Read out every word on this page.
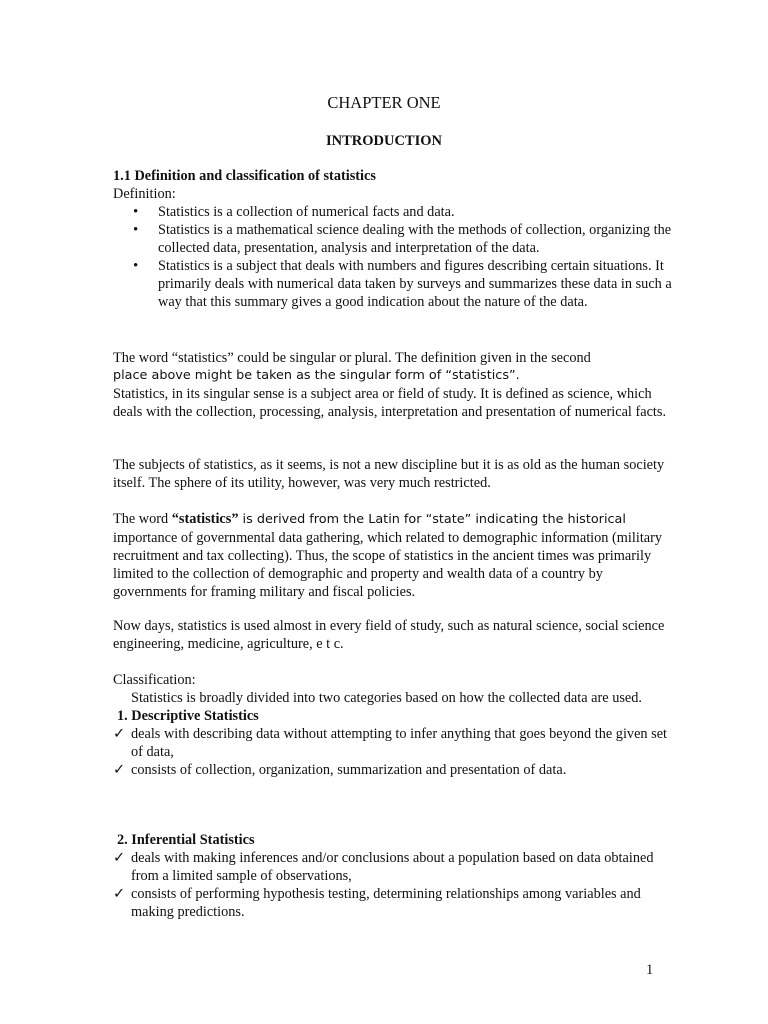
CHAPTER ONE
INTRODUCTION
1.1 Definition and classification of statistics
Definition:
• Statistics is a collection of numerical facts and data.
• Statistics is a mathematical science dealing with the methods of collection, organizing the collected data, presentation, analysis and interpretation of the data.
• Statistics is a subject that deals with numbers and figures describing certain situations. It primarily deals with numerical data taken by surveys and summarizes these data in such a way that this summary gives a good indication about the nature of the data.

The word “statistics” could be singular or plural. The definition given in the second

place above might be taken as the singular form of “statistics”.

Statistics, in its singular sense is a subject area or field of study. It is defined as science, which deals with the collection, processing, analysis, interpretation and presentation of numerical facts.

The subjects of statistics, as it seems, is not a new discipline but it is as old as the human society itself. The sphere of its utility, however, was very much restricted.

The word “statistics” is derived from the Latin for “state” indicating the historical

importance of governmental data gathering, which related to demographic information (military recruitment and tax collecting). Thus, the scope of statistics in the ancient times was primarily limited to the collection of demographic and property and wealth data of a country by governments for framing military and fiscal policies.

Now days, statistics is used almost in every field of study, such as natural science, social science engineering, medicine, agriculture, e t c.

Classification:

Statistics is broadly divided into two categories based on how the collected data are used.

1. Descriptive Statistics
✓ deals with describing data without attempting to infer anything that goes beyond the given set of data,
✓ consists of collection, organization, summarization and presentation of data.
2. Inferential Statistics
✓ deals with making inferences and/or conclusions about a population based on data obtained from a limited sample of observations,
✓ consists of performing hypothesis testing, determining relationships among variables and making predictions.
1
